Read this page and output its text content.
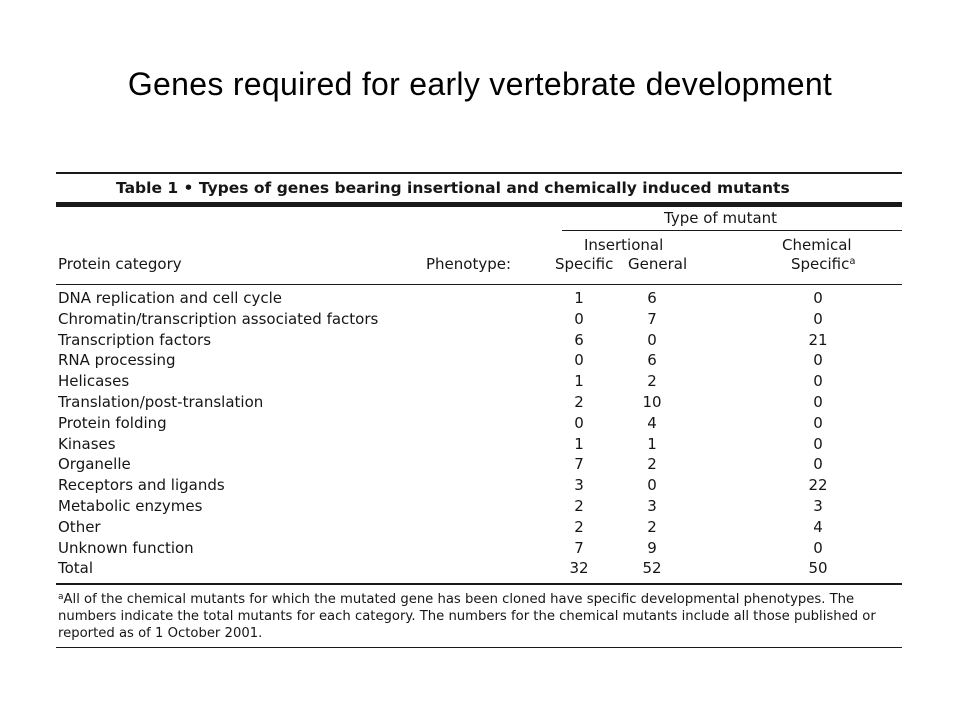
Genes required for early vertebrate development
Table 1 • Types of genes bearing insertional and chemically induced mutants
Type of mutant
Insertional	Chemical
Protein category	Phenotype:	Specific General	Specific$^a$
DNA replication and cell cycle	1	6	0
Chromatin/transcription associated factors	0	7	0
Transcription factors	6	0	21
RNA processing	0	6	0
Helicases	1	2	0
Translation/post-translation	2	10	0
Protein folding	0	4	0
Kinases	1	1	0
Organelle	7	2	0
Receptors and ligands	3	0	22
Metabolic enzymes	2	3	3
Other	2	2	4
Unknown function	7	9	0
Total	32	52	50
$^a$All of the chemical mutants for which the mutated gene has been cloned have specific developmental phenotypes. The numbers indicate the total mutants for each category. The numbers for the chemical mutants include all those published or reported as of 1 October 2001.
